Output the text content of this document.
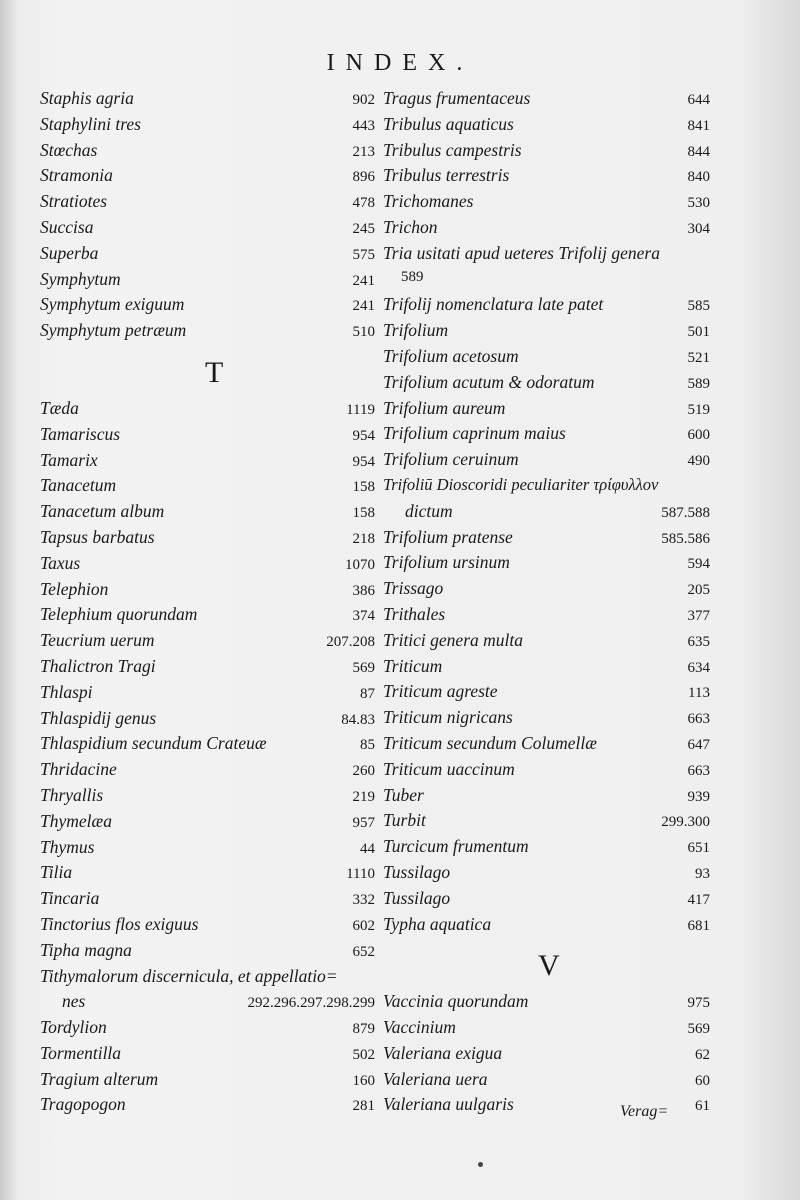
INDEX.
Staphis agria	902
Staphylini tres	443
Stœchas	213
Stramonia	896
Stratiotes	478
Succisa	245
Superba	575
Symphytum	241
Symphytum exiguum	241
Symphytum petræum	510
T
Tæda	1119
Tamariscus	954
Tamarix	954
Tanacetum	158
Tanacetum album	158
Tapsus barbatus	218
Taxus	1070
Telephion	386
Telephium quorundam	374
Teucrium uerum	207.208
Thalictron Tragi	569
Thlaspi	87
Thlaspidij genus	84.83
Thlaspidium secundum Crateuæ	85
Thridacine	260
Thryallis	219
Thymelæa	957
Thymus	44
Tilia	1110
Tincaria	332
Tinctorius flos exiguus	602
Tipha magna	652
Tithymalorum discernicula, et appellatio=
nes	292.296.297.298.299
Tordylion	879
Tormentilla	502
Tragium alterum	160
Tragopogon	281
Tragus frumentaceus	644
Tribulus aquaticus	841
Tribulus campestris	844
Tribulus terrestris	840
Trichomanes	530
Trichon	304
Tria usitati apud ueteres Trifolij genera
589
Trifolij nomenclatura late patet	585
Trifolium	501
Trifolium acetosum	521
Trifolium acutum & odoratum	589
Trifolium aureum	519
Trifolium caprinum maius	600
Trifolium ceruinum	490
Trifoliū Dioscoridi peculiariter τρίφυλλον
dictum	587.588
Trifolium pratense	585.586
Trifolium ursinum	594
Trissago	205
Trithales	377
Tritici genera multa	635
Triticum	634
Triticum agreste	113
Triticum nigricans	663
Triticum secundum Columellæ	647
Triticum uaccinum	663
Tuber	939
Turbit	299.300
Turcicum frumentum	651
Tussilago	93
Tussilago	417
Typha aquatica	681
V
Vaccinia quorundam	975
Vaccinium	569
Valeriana exigua	62
Valeriana uera	60
Valeriana uulgaris	61
Verag=
